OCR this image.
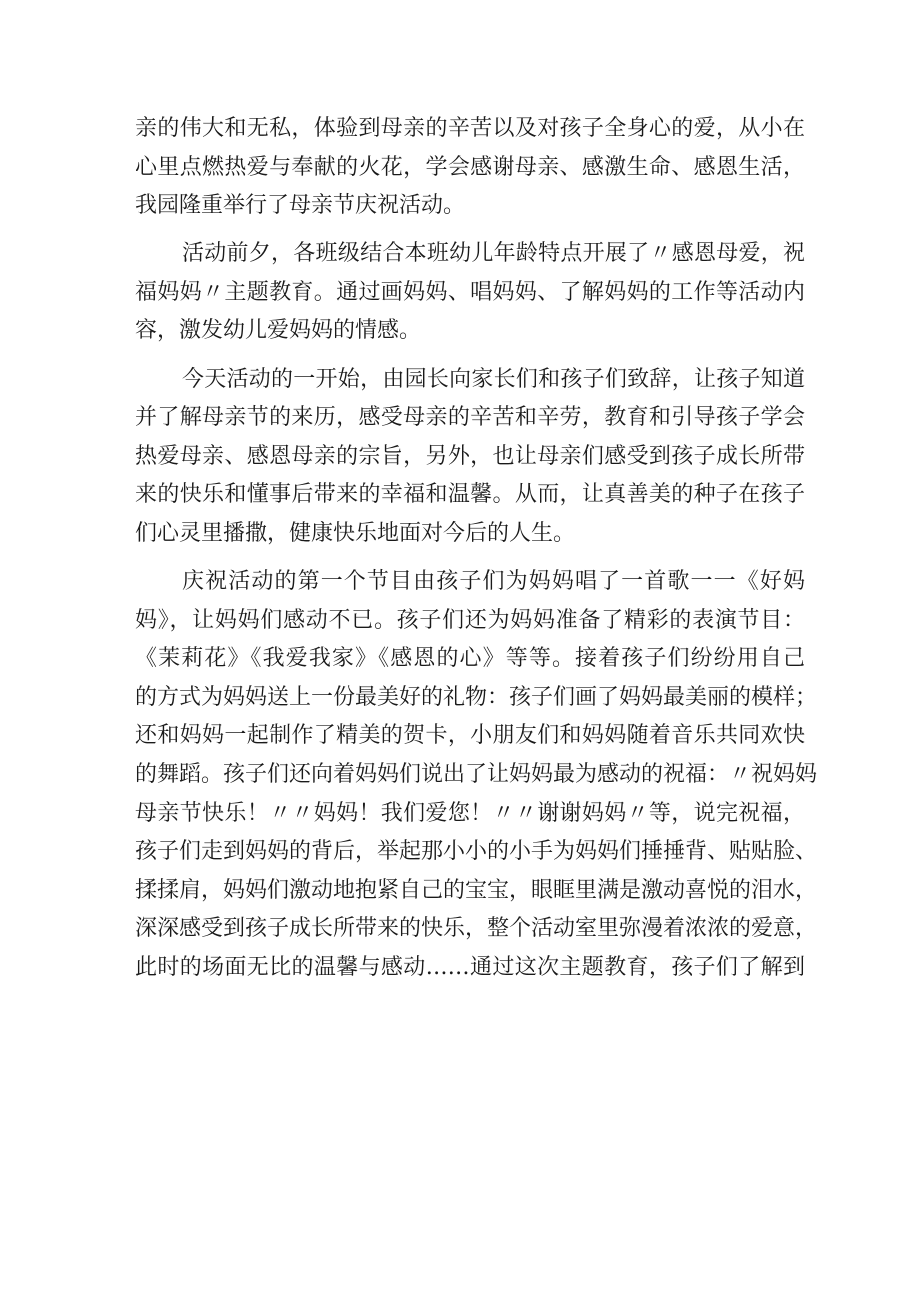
亲的伟大和无私，体验到母亲的辛苦以及对孩子全身心的爱，从小在

心里点燃热爱与奉献的火花，学会感谢母亲、感激生命、感恩生活，

我园隆重举行了母亲节庆祝活动。

活动前夕，各班级结合本班幼儿年龄特点开展了〃感恩母爱，祝

福妈妈〃主题教育。通过画妈妈、唱妈妈、了解妈妈的工作等活动内

容，激发幼儿爱妈妈的情感。

今天活动的一开始，由园长向家长们和孩子们致辞，让孩子知道

并了解母亲节的来历，感受母亲的辛苦和辛劳，教育和引导孩子学会

热爱母亲、感恩母亲的宗旨，另外，也让母亲们感受到孩子成长所带

来的快乐和懂事后带来的幸福和温馨。从而，让真善美的种子在孩子

们心灵里播撒，健康快乐地面对今后的人生。

庆祝活动的第一个节目由孩子们为妈妈唱了一首歌一一《好妈

妈》，让妈妈们感动不已。孩子们还为妈妈准备了精彩的表演节目：

《茉莉花》《我爱我家》《感恩的心》等等。接着孩子们纷纷用自己

的方式为妈妈送上一份最美好的礼物：孩子们画了妈妈最美丽的模样；

还和妈妈一起制作了精美的贺卡，小朋友们和妈妈随着音乐共同欢快

的舞蹈。孩子们还向着妈妈们说出了让妈妈最为感动的祝福：〃祝妈妈

母亲节快乐！〃〃妈妈！我们爱您！〃〃谢谢妈妈〃等，说完祝福，

孩子们走到妈妈的背后，举起那小小的小手为妈妈们捶捶背、贴贴脸、

揉揉肩，妈妈们激动地抱紧自己的宝宝，眼眶里满是激动喜悦的泪水，

深深感受到孩子成长所带来的快乐，整个活动室里弥漫着浓浓的爱意，

此时的场面无比的温馨与感动……通过这次主题教育，孩子们了解到
